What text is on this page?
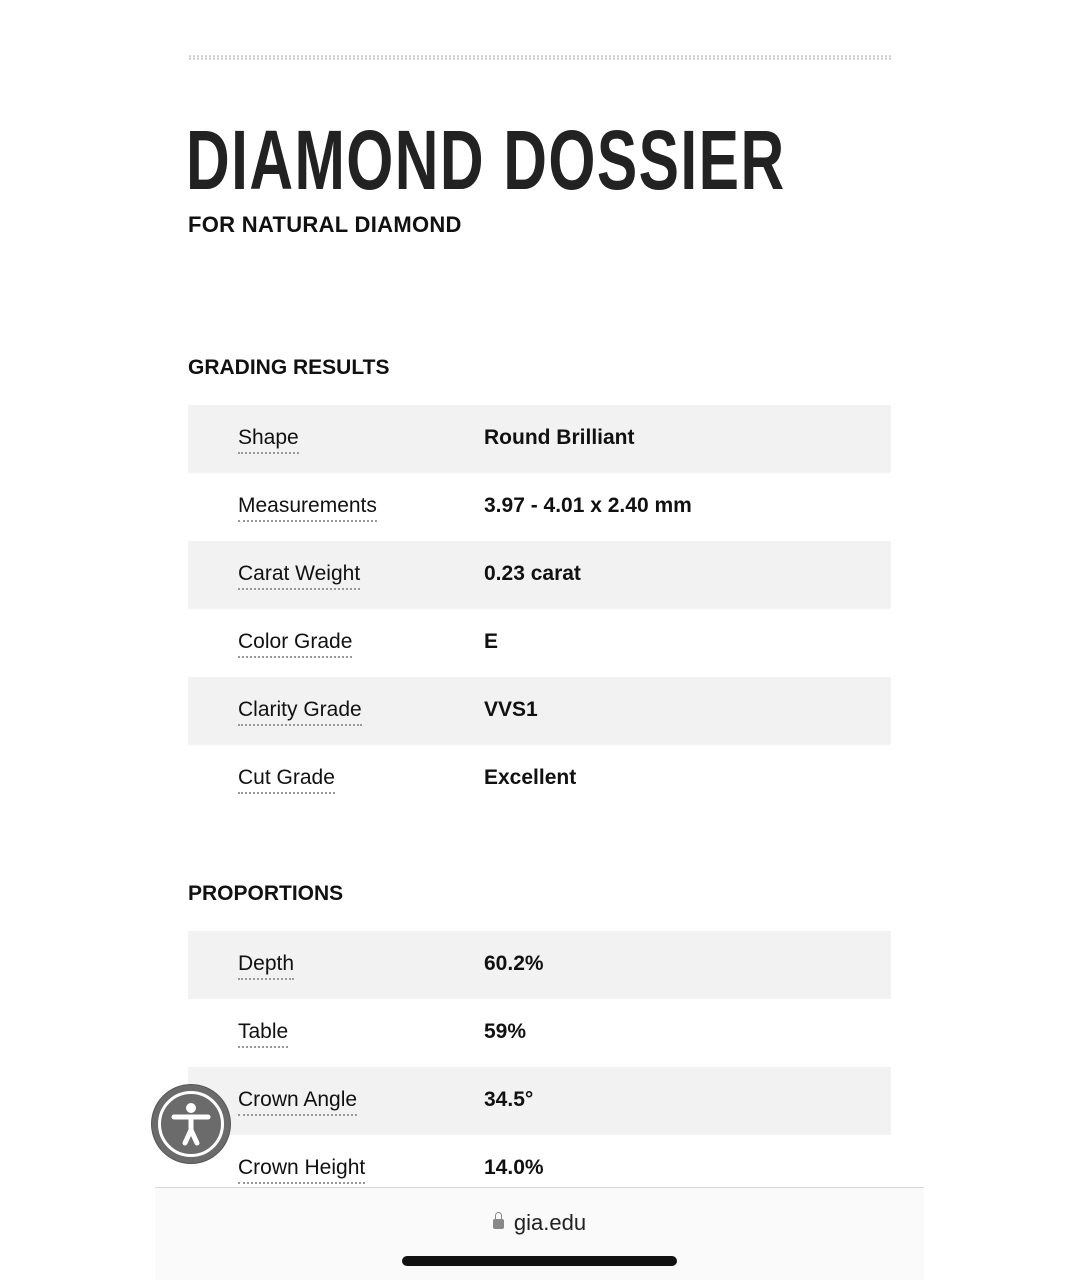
DIAMOND DOSSIER
FOR NATURAL DIAMOND
GRADING RESULTS
Shape	Round Brilliant
Measurements	3.97 - 4.01 x 2.40 mm
Carat Weight	0.23 carat
Color Grade	E
Clarity Grade	VVS1
Cut Grade	Excellent
PROPORTIONS
Depth	60.2%
Table	59%
Crown Angle	34.5°
Crown Height	14.0%
gia.edu
